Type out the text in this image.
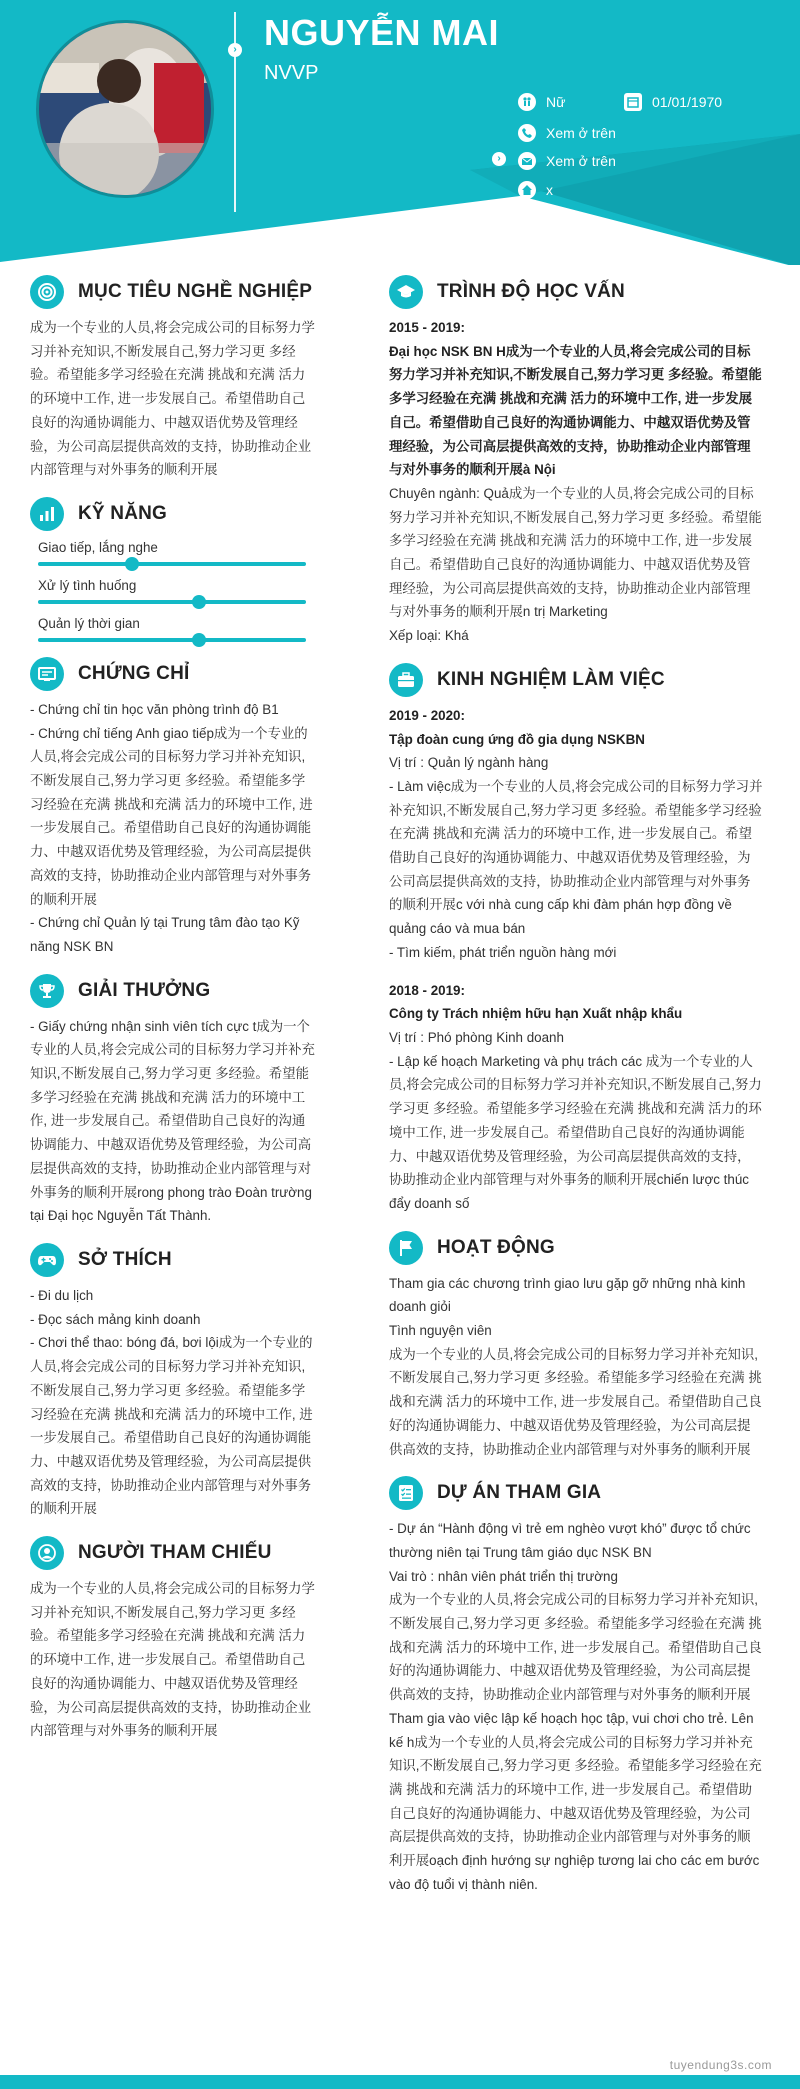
›
›
NGUYỄN MAI
NVVP
Nữ	01/01/1970
Xem ở trên
Xem ở trên
x
MỤC TIÊU NGHỀ NGHIỆP
成为一个专业的人员,将会完成公司的目标努力学习并补充知识,不断发展自己,努力学习更 多经验。希望能多学习经验在充满 挑战和充满 活力的环境中工作, 进一步发展自己。希望借助自己良好的沟通协调能力、中越双语优势及管理经验，为公司高层提供高效的支持，协助推动企业内部管理与对外事务的顺利开展
KỸ NĂNG
Giao tiếp, lắng nghe
Xử lý tình huống
Quản lý thời gian
CHỨNG CHỈ
- Chứng chỉ tin học văn phòng trình độ B1
- Chứng chỉ tiếng Anh giao tiếp成为一个专业的人员,将会完成公司的目标努力学习并补充知识,不断发展自己,努力学习更 多经验。希望能多学习经验在充满 挑战和充满 活力的环境中工作, 进一步发展自己。希望借助自己良好的沟通协调能力、中越双语优势及管理经验，为公司高层提供高效的支持，协助推动企业内部管理与对外事务的顺利开展
- Chứng chỉ Quản lý tại Trung tâm đào tạo Kỹ năng NSK BN
GIẢI THƯỞNG
- Giấy chứng nhận sinh viên tích cực t成为一个专业的人员,将会完成公司的目标努力学习并补充知识,不断发展自己,努力学习更 多经验。希望能多学习经验在充满 挑战和充满 活力的环境中工作, 进一步发展自己。希望借助自己良好的沟通协调能力、中越双语优势及管理经验，为公司高层提供高效的支持，协助推动企业内部管理与对外事务的顺利开展rong phong trào Đoàn trường tại Đại học Nguyễn Tất Thành.
SỞ THÍCH
- Đi du lịch
- Đọc sách mảng kinh doanh
- Chơi thể thao: bóng đá, bơi lội成为一个专业的人员,将会完成公司的目标努力学习并补充知识,不断发展自己,努力学习更 多经验。希望能多学习经验在充满 挑战和充满 活力的环境中工作, 进一步发展自己。希望借助自己良好的沟通协调能力、中越双语优势及管理经验，为公司高层提供高效的支持，协助推动企业内部管理与对外事务的顺利开展
NGƯỜI THAM CHIẾU
成为一个专业的人员,将会完成公司的目标努力学习并补充知识,不断发展自己,努力学习更 多经验。希望能多学习经验在充满 挑战和充满 活力的环境中工作, 进一步发展自己。希望借助自己良好的沟通协调能力、中越双语优势及管理经验，为公司高层提供高效的支持，协助推动企业内部管理与对外事务的顺利开展
TRÌNH ĐỘ HỌC VẤN
2015 - 2019:
Đại học NSK BN H成为一个专业的人员,将会完成公司的目标努力学习并补充知识,不断发展自己,努力学习更 多经验。希望能多学习经验在充满 挑战和充满 活力的环境中工作, 进一步发展自己。希望借助自己良好的沟通协调能力、中越双语优势及管理经验，为公司高层提供高效的支持，协助推动企业内部管理与对外事务的顺利开展à Nội
Chuyên ngành: Quả成为一个专业的人员,将会完成公司的目标努力学习并补充知识,不断发展自己,努力学习更 多经验。希望能多学习经验在充满 挑战和充满 活力的环境中工作, 进一步发展自己。希望借助自己良好的沟通协调能力、中越双语优势及管理经验，为公司高层提供高效的支持，协助推动企业内部管理与对外事务的顺利开展n trị Marketing
Xếp loại: Khá
KINH NGHIỆM LÀM VIỆC
2019 - 2020:
Tập đoàn cung ứng đồ gia dụng NSKBN
Vị trí : Quản lý ngành hàng
- Làm việc成为一个专业的人员,将会完成公司的目标努力学习并补充知识,不断发展自己,努力学习更 多经验。希望能多学习经验在充满 挑战和充满 活力的环境中工作, 进一步发展自己。希望借助自己良好的沟通协调能力、中越双语优势及管理经验，为公司高层提供高效的支持，协助推动企业内部管理与对外事务的顺利开展c với nhà cung cấp khi đàm phán hợp đồng về quảng cáo và mua bán
- Tìm kiếm, phát triển nguồn hàng mới
2018 - 2019:
Công ty Trách nhiệm hữu hạn Xuất nhập khẩu
Vị trí : Phó phòng Kinh doanh
- Lập kế hoạch Marketing và phụ trách các 成为一个专业的人员,将会完成公司的目标努力学习并补充知识,不断发展自己,努力学习更 多经验。希望能多学习经验在充满 挑战和充满 活力的环境中工作, 进一步发展自己。希望借助自己良好的沟通协调能力、中越双语优势及管理经验，为公司高层提供高效的支持，协助推动企业内部管理与对外事务的顺利开展chiến lược thúc đẩy doanh số
HOẠT ĐỘNG
Tham gia các chương trình giao lưu gặp gỡ những nhà kinh doanh giỏi
Tình nguyện viên
成为一个专业的人员,将会完成公司的目标努力学习并补充知识,不断发展自己,努力学习更 多经验。希望能多学习经验在充满 挑战和充满 活力的环境中工作, 进一步发展自己。希望借助自己良好的沟通协调能力、中越双语优势及管理经验，为公司高层提供高效的支持，协助推动企业内部管理与对外事务的顺利开展
DỰ ÁN THAM GIA
- Dự án “Hành động vì trẻ em nghèo vượt khó” được tổ chức thường niên tại Trung tâm giáo dục NSK BN
Vai trò : nhân viên phát triển thị trường
成为一个专业的人员,将会完成公司的目标努力学习并补充知识,不断发展自己,努力学习更 多经验。希望能多学习经验在充满 挑战和充满 活力的环境中工作, 进一步发展自己。希望借助自己良好的沟通协调能力、中越双语优势及管理经验，为公司高层提供高效的支持，协助推动企业内部管理与对外事务的顺利开展Tham gia vào việc lập kế hoạch học tập, vui chơi cho trẻ. Lên kế h成为一个专业的人员,将会完成公司的目标努力学习并补充知识,不断发展自己,努力学习更 多经验。希望能多学习经验在充满 挑战和充满 活力的环境中工作, 进一步发展自己。希望借助自己良好的沟通协调能力、中越双语优势及管理经验，为公司高层提供高效的支持，协助推动企业内部管理与对外事务的顺利开展oạch định hướng sự nghiệp tương lai cho các em bước vào độ tuổi vị thành niên.
tuyendung3s.com
